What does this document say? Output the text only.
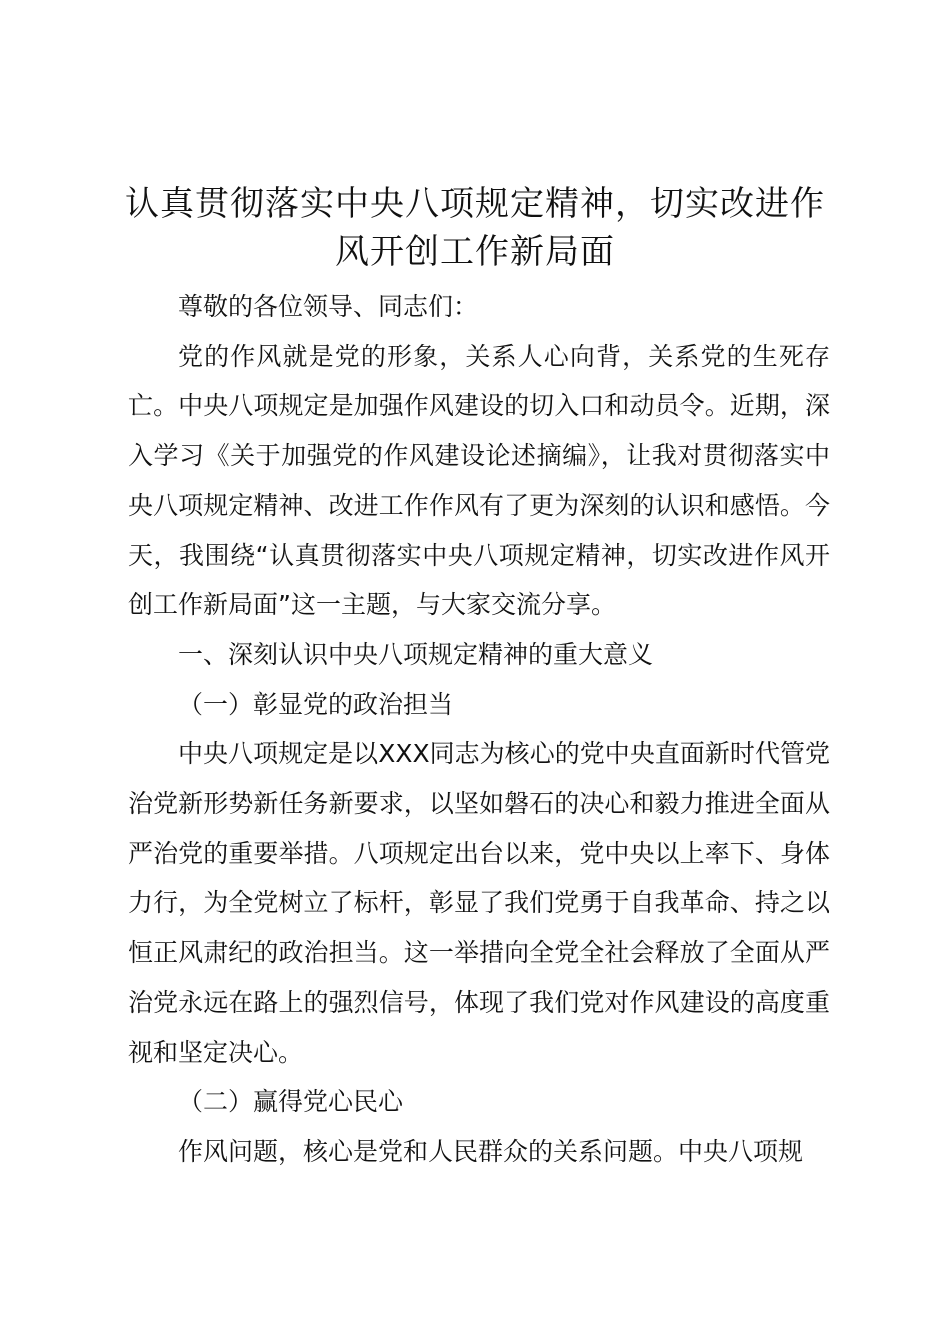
认真贯彻落实中央八项规定精神，切实改进作
风开创工作新局面

尊敬的各位领导、同志们：

党的作风就是党的形象，关系人心向背，关系党的生死存亡。中央八项规定是加强作风建设的切入口和动员令。近期，深入学习《关于加强党的作风建设论述摘编》，让我对贯彻落实中央八项规定精神、改进工作作风有了更为深刻的认识和感悟。今天，我围绕“认真贯彻落实中央八项规定精神，切实改进作风开创工作新局面”这一主题，与大家交流分享。

一、深刻认识中央八项规定精神的重大意义

（一）彰显党的政治担当

中央八项规定是以XXX同志为核心的党中央直面新时代管党治党新形势新任务新要求，以坚如磐石的决心和毅力推进全面从严治党的重要举措。八项规定出台以来，党中央以上率下、身体力行，为全党树立了标杆，彰显了我们党勇于自我革命、持之以恒正风肃纪的政治担当。这一举措向全党全社会释放了全面从严治党永远在路上的强烈信号，体现了我们党对作风建设的高度重视和坚定决心。

（二）赢得党心民心

作风问题，核心是党和人民群众的关系问题。中央八项规
